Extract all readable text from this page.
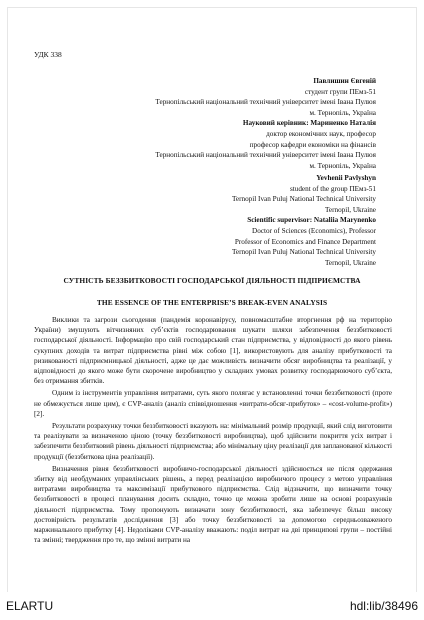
УДК 338
Павлишин Євгеній
студент групи ПЕмз-51
Тернопільський національний технічний університет імені Івана Пулюя
м. Тернопіль, Україна
Науковий керівник: Мариненко Наталія
доктор економічних наук, професор
професор кафедри економіки на фінансів
Тернопільський національний технічний університет імені Івана Пулюя
м. Тернопіль, Україна
Yevhenii Pavlyshyn
student of the group ПЕмз-51
Ternopil Ivan Puluj National Technical University
Ternopil, Ukraine
Scientific supervisor: Nataliia Marynenko
Doctor of Sciences (Economics), Professor
Professor of Economics and Finance Department
Ternopil Ivan Puluj National Technical University
Ternopil, Ukraine
СУТНІСТЬ БЕЗЗБИТКОВОСТІ ГОСПОДАРСЬКОЇ ДІЯЛЬНОСТІ ПІДПРИЄМСТВА
THE ESSENCE OF THE ENTERPRISE’S BREAK-EVEN ANALYSIS

Виклики та загрози сьогодення (пандемія коронавірусу, повномасштабне вторгнення рф на територію України) змушують вітчизняних суб’єктів господарювання шукати шляхи забезпечення беззбитковості господарської діяльності. Інформацію про свій господарський стан підприємства, у відповідності до якого рівень сукупних доходів та витрат підприємства рівні між собою [1], використовують для аналізу прибутковості та ризикованості підприємницької діяльності, адже це дає можливість визначити обсяг виробництва та реалізації, у відповідності до якого може бути скорочене виробництво у складних умовах розвитку господарюючого суб’єкта, без отримання збитків.

Одним із інструментів управління витратами, суть якого полягає у встановленні точки беззбитковості (проте не обмежується лише цим), є CVP-аналіз (аналіз співвідношення «витрати-обсяг-прибуток» – «cost-volume-profit») [2].

Результати розрахунку точки беззбитковості вказують на: мінімальний розмір продукції, який слід виготовити та реалізувати за визначеною ціною (точку беззбитковості виробництва), щоб здійснити покриття усіх витрат і забезпечити беззбитковий рівень діяльності підприємства; або мінімальну ціну реалізації для запланованої кількості продукції (беззбиткова ціна реалізації).

Визначення рівня беззбитковості виробничо-господарської діяльності здійснюється не після одержання збитку від необдуманих управлінських рішень, а перед реалізацією виробничого процесу з метою управління витратами виробництва та максимізації прибуткового підприємства. Слід відзначити, що визначити точку беззбитковості в процесі планування досить складно, точно це можна зробити лише на основі розрахунків діяльності підприємства. Тому пропонують визначати зону беззбитковості, яка забезпечує більш високу достовірність результатів дослідження [3] або точку беззбитковості за допомогою середньозваженого маржинального прибутку [4]. Недоліками CVP-аналізу вважають: поділ витрат на дві принципові групи – постійні та змінні; твердження про те, що змінні витрати на

ELARTU	hdl:lib/38496
